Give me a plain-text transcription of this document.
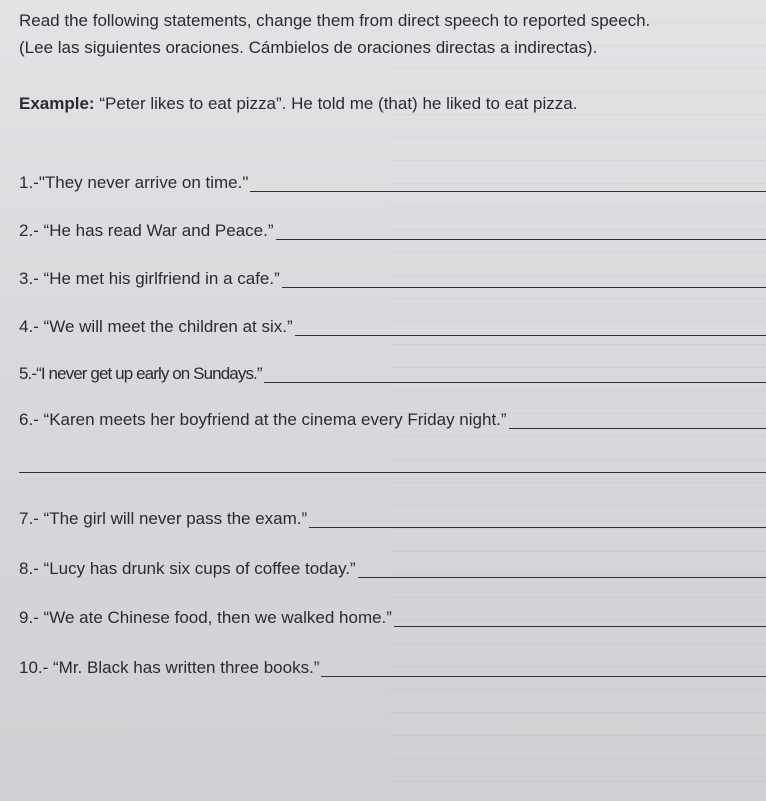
Read the following statements, change them from direct speech to reported speech.

(Lee las siguientes oraciones. Cámbielos de oraciones directas a indirectas).

Example: “Peter likes to eat pizza”. He told me (that) he liked to eat pizza.

1.-"They never arrive on time."
2.- “He has read War and Peace.”
3.- “He met his girlfriend in a cafe.”
4.- “We will meet the children at six.”
5.-“I never get up early on Sundays.”
6.- “Karen meets her boyfriend at the cinema every Friday night.”
7.- “The girl will never pass the exam.”
8.- “Lucy has drunk six cups of coffee today.”
9.- “We ate Chinese food, then we walked home.”
10.- “Mr. Black has written three books.”
